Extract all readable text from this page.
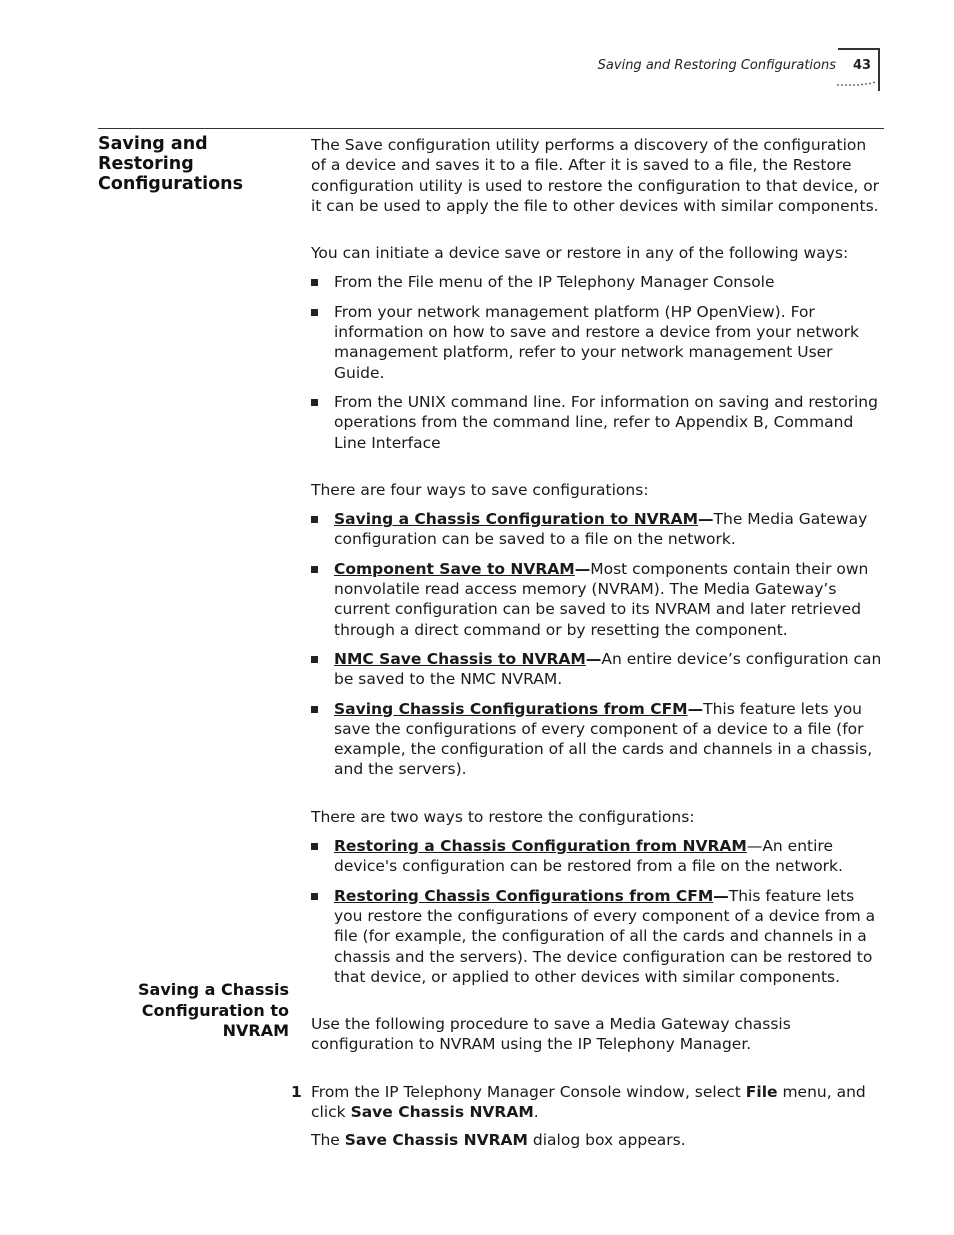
Saving and Restoring Configurations 43
Saving and Restoring Configurations

The Save configuration utility performs a discovery of the configuration of a device and saves it to a file. After it is saved to a file, the Restore configuration utility is used to restore the configuration to that device, or it can be used to apply the file to other devices with similar components.

You can initiate a device save or restore in any of the following ways:

From the File menu of the IP Telephony Manager Console
From your network management platform (HP OpenView). For information on how to save and restore a device from your network management platform, refer to your network management User Guide.
From the UNIX command line. For information on saving and restoring operations from the command line, refer to Appendix B, Command Line Interface

There are four ways to save configurations:

Saving a Chassis Configuration to NVRAM—The Media Gateway configuration can be saved to a file on the network.
Component Save to NVRAM—Most components contain their own nonvolatile read access memory (NVRAM). The Media Gateway’s current configuration can be saved to its NVRAM and later retrieved through a direct command or by resetting the component.
NMC Save Chassis to NVRAM—An entire device’s configuration can be saved to the NMC NVRAM.
Saving Chassis Configurations from CFM—This feature lets you save the configurations of every component of a device to a file (for example, the configuration of all the cards and channels in a chassis, and the servers).

There are two ways to restore the configurations:

Restoring a Chassis Configuration from NVRAM—An entire device's configuration can be restored from a file on the network.
Restoring Chassis Configurations from CFM—This feature lets you restore the configurations of every component of a device from a file (for example, the configuration of all the cards and channels in a chassis and the servers). The device configuration can be restored to that device, or applied to other devices with similar components.

Use the following procedure to save a Media Gateway chassis configuration to NVRAM using the IP Telephony Manager.

1 From the IP Telephony Manager Console window, select File menu, and click Save Chassis NVRAM.

The Save Chassis NVRAM dialog box appears.

Saving a Chassis Configuration to NVRAM
